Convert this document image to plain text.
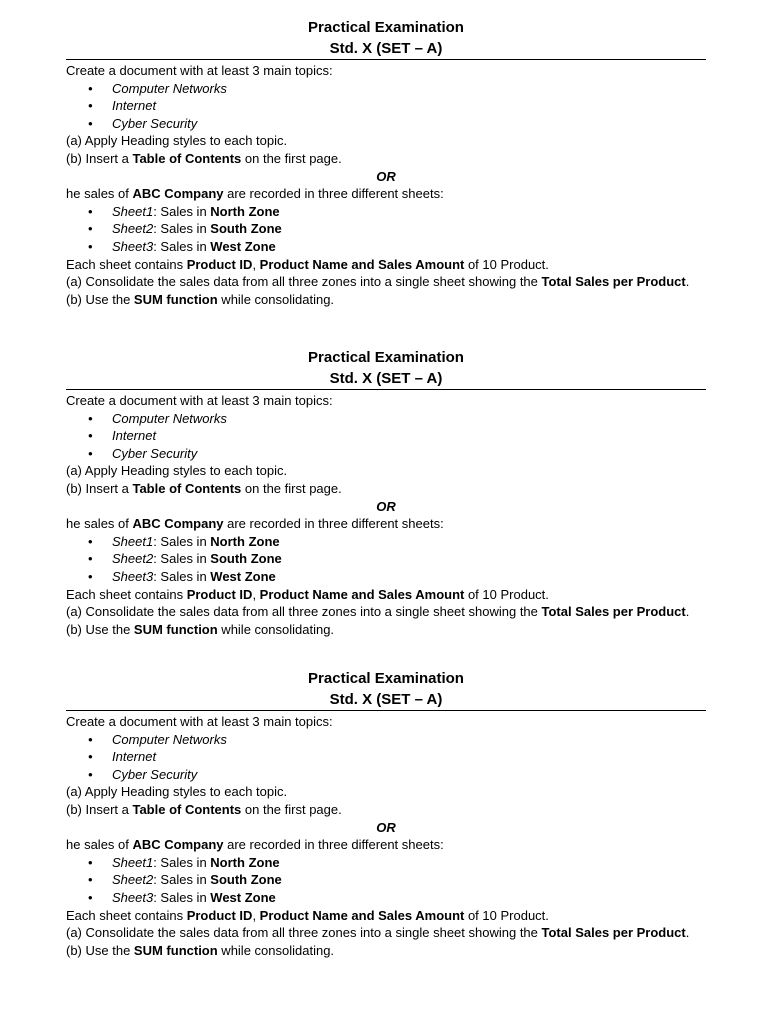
Practical Examination
Std. X (SET – A)
Create a document with at least 3 main topics:
• Computer Networks
• Internet
• Cyber Security
(a) Apply Heading styles to each topic.
(b) Insert a Table of Contents on the first page.
OR
he sales of ABC Company are recorded in three different sheets:
• Sheet1: Sales in North Zone
• Sheet2: Sales in South Zone
• Sheet3: Sales in West Zone
Each sheet contains Product ID, Product Name and Sales Amount of 10 Product.
(a) Consolidate the sales data from all three zones into a single sheet showing the Total Sales per Product.
(b) Use the SUM function while consolidating.
Practical Examination
Std. X (SET – A)
Create a document with at least 3 main topics:
• Computer Networks
• Internet
• Cyber Security
(a) Apply Heading styles to each topic.
(b) Insert a Table of Contents on the first page.
OR
he sales of ABC Company are recorded in three different sheets:
• Sheet1: Sales in North Zone
• Sheet2: Sales in South Zone
• Sheet3: Sales in West Zone
Each sheet contains Product ID, Product Name and Sales Amount of 10 Product.
(a) Consolidate the sales data from all three zones into a single sheet showing the Total Sales per Product.
(b) Use the SUM function while consolidating.
Practical Examination
Std. X (SET – A)
Create a document with at least 3 main topics:
• Computer Networks
• Internet
• Cyber Security
(a) Apply Heading styles to each topic.
(b) Insert a Table of Contents on the first page.
OR
he sales of ABC Company are recorded in three different sheets:
• Sheet1: Sales in North Zone
• Sheet2: Sales in South Zone
• Sheet3: Sales in West Zone
Each sheet contains Product ID, Product Name and Sales Amount of 10 Product.
(a) Consolidate the sales data from all three zones into a single sheet showing the Total Sales per Product.
(b) Use the SUM function while consolidating.
